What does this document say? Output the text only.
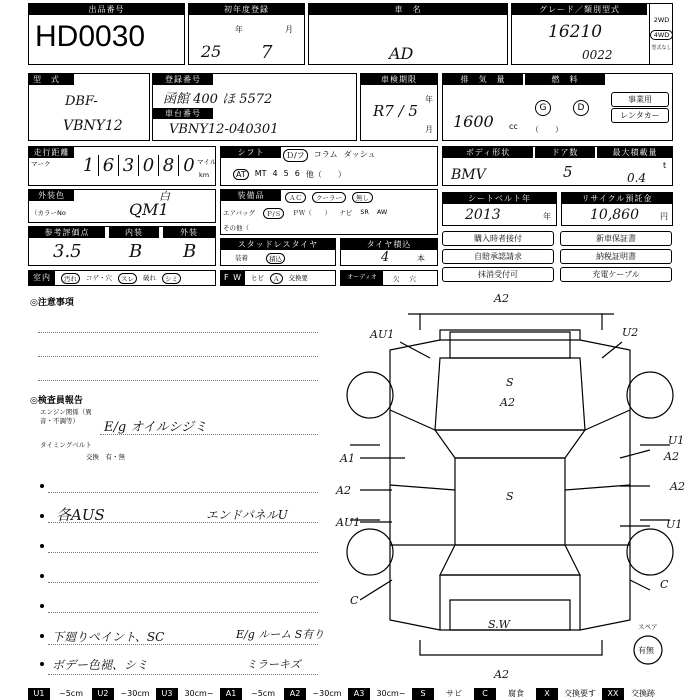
出品番号
HD0030
初年度登録
年	月
25 7
車　名
AD
グレード／類別型式
16210
0022
2WD
4WD
型式なし
型　式
DBF-
VBNY12
登録番号
函館 400 ほ 5572
車台番号
VBNY12-040301
車検期限
年
月
R7 / 5
排　気　量	燃　料
1600 cc
G	D
（　　）
事業用
レンタカー
走行距離
マーク 1 6 3 0 8 0 マイル
km
シフト	Ｄ/フ	コラム ダッシュ
AT	MT 4 5 6 他（　　）
ボディ形状	ドア数	最大積載量
BMV	5	t
0.4
外装色
（カラーNo
白
QM1
装備品	ＡＣ	クーラー	無し
エアバッグ	Ｐ/Ｓ	ＰＷ（　　） ナビ SR AW
その他（
シートベルト年
2013	年
リサイクル預託金
10,860	円
参考評価点	内装	外装
3.5	B B	スタッドレスタイヤ
装着	積込
タイヤ積込
4	本
購入時者接付	新車保証書
自賠承認請求	納税証明書
抹消受付可	充電ケーブル
室内	汚れ	コゲ・穴	スレ	破れ	シミ	F W	ヒビ	Ａ	交換要	オーディオ	欠 穴
◎注意事項
◎検査員報告
エンジン関係（異音・不調等）	E/g オイルシジミ
タイミングベルト
交換　有・無
各AUS	エンドパネルU
下廻りペイント、SC	E/g ルーム S有り
ボデー色褪、シミ	ミラーキズ
A2
AU1	U2
S
A2
A1
A2
AU1
C
U1
A2
A2
U1
C
S
S.W
A2
スペア
有無
U1	~5cm	U2	~30cm	U3	30cm~	A1	~5cm	A2	~30cm	A3	30cm~	S	サビ	C	腐食	X	交換要す	XX	交換跡
